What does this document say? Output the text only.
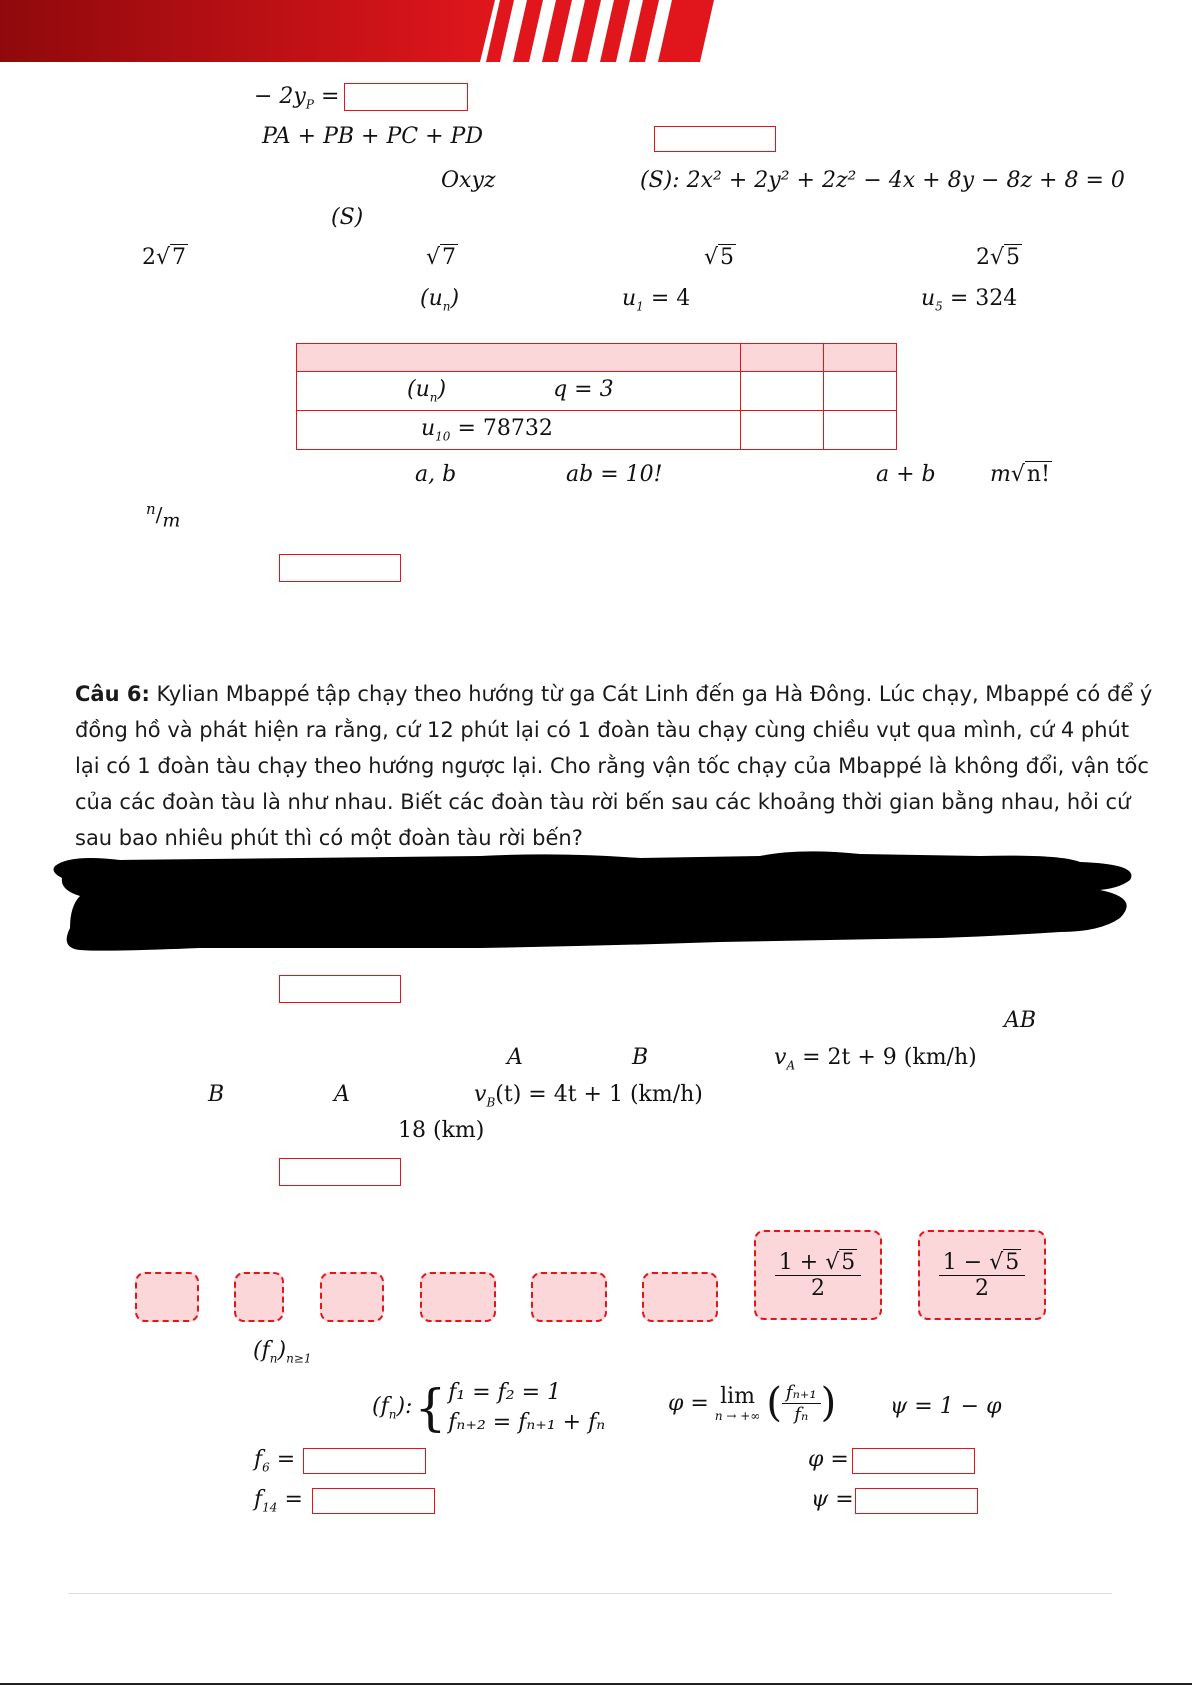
− $2y_P$ =
PA + PB + PC + PD
Oxyz	(S): 2x² + 2y² + 2z² − 4x + 8y − 8z + 8 = 0
(S)
2√7	√7	√5	2√5
$(u_n)$	$u_1 = 4$	$u_5 = 324$

$(u_n) q = 3$		
$u_{10} = 78732$		
a, b	ab = 10!	a + b m√n!
$^n/_m$
Câu 6: Kylian Mbappé tập chạy theo hướng từ ga Cát Linh đến ga Hà Đông. Lúc chạy, Mbappé có để ý đồng hồ và phát hiện ra rằng, cứ 12 phút lại có 1 đoàn tàu chạy cùng chiều vụt qua mình, cứ 4 phút lại có 1 đoàn tàu chạy theo hướng ngược lại. Cho rằng vận tốc chạy của Mbappé là không đổi, vận tốc của các đoàn tàu là như nhau. Biết các đoàn tàu rời bến sau các khoảng thời gian bằng nhau, hỏi cứ sau bao nhiêu phút thì có một đoàn tàu rời bến?
AB
A	B	$v_A = 2t + 9$ (km/h)
B	A	$v_B(t) = 4t + 1$ (km/h)
18 (km)
$\frac{1 + √5}{2}$	$\frac{1 - √5}{2}$
$(f_n)_{n\ge 1}$
$(f_n)$: { f₁ = f₂ = 1
fₙ₊₂ = fₙ₊₁ + fₙ
φ = lim
n → +∞ ( $\frac{\text{fₙ₊₁}}{\text{fₙ}}$ ) ψ = 1 − φ
$f_6$ =	φ =
$f_{14}$ =	ψ =
